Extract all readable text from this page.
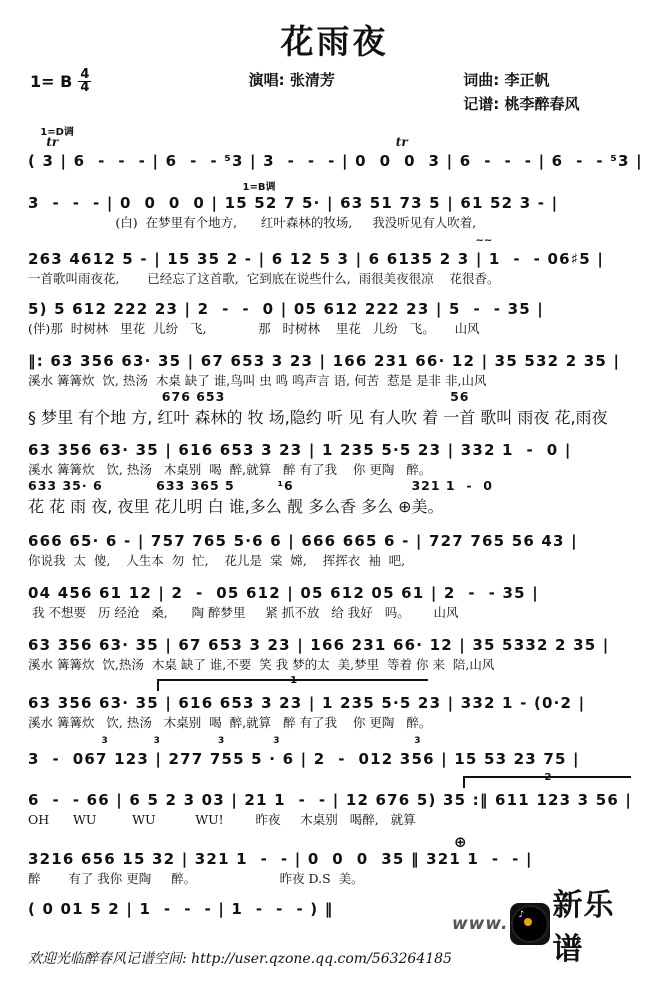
花雨夜
1= B $\frac{4}{4}$	演唱: 张清芳	词曲: 李正帆
记谱: 桃李醉春风
1=D调
tr	tr
( 3 | 6  -  -  - | 6  -  - ⁵3 | 3  -  -  - | 0  0  0  3 | 6  -  -  - | 6  -  - ⁵3 |
1=B调
3  -  -  - | 0  0  0  0 | 15 52 7 5· | 63 51 73 5 | 61 52 3 - |
(白)  在梦里有个地方,      红叶森林的牧场,     我没听见有人吹着,
~~
263 4612 5 - | 15 35 2 - | 6 12 5 3 | 6 6135 2 3 | 1  -  - 06♯5 |
一首歌叫雨夜花,       已经忘了这首歌,  它到底在说些什么,  雨很美夜很凉    花很香。
5) 5 612 222 23 | 2  -  -  0 | 05 612 222 23 | 5  -  - 35 |
(伴)那  时树林   里花  儿纷   飞,             那   时树林    里花   儿纷   飞。     山风
‖: 63 356 63· 35 | 67 653 3 23 | 166 231 66· 12 | 35 532 2 35 |
溪水 篝篝炊  饮, 热汤  木桌 缺了 谁,鸟叫 虫 鸣 鸣声言 语, 何苦  惹是 是非 非,山风
676 653                                          56
§ 梦里 有个地 方, 红叶 森林的 牧 场,隐约 听 见 有人吹 着 一首 歌叫 雨夜 花,雨夜
63 356 63· 35 | 616 653 3 23 | 1 235 5·5 23 | 332 1  -  0 |
溪水 篝篝炊   饮, 热汤   木桌别  喝  醉,就算   醉 有了我    你 更陶   醉。
633 35· 6          633 365 5        ¹6                      321 1  -  0
花 花 雨 夜, 夜里 花儿明 白 谁,多么 靓 多么香 多么 ⊕美。
666 65· 6 - | 757 765 5·6 6 | 666 665 6 - | 727 765 56 43 |
你说我  太  傻,    人生本  勿  忙,    花儿是  棠  嫦,    挥挥衣  袖  吧,
04 456 61 12 | 2  -  05 612 | 05 612 05 61 | 2  -  - 35 |
我 不想要   历 经沧   桑,      陶 醉梦里     紧 抓不放   给 我好   吗。      山风
63 356 63· 35 | 67 653 3 23 | 166 231 66· 12 | 35 5332 2 35 |
溪水 篝篝炊  饮,热汤  木桌 缺了 谁,不要  笑 我 梦的太  美,梦里  等着 你 来  陪,山风
1
63 356 63· 35 | 616 653 3 23 | 1 235 5·5 23 | 332 1 - (0·2 |
溪水 篝篝炊   饮, 热汤   木桌别  喝  醉,就算   醉 有了我    你 更陶   醉。
3	3	3	3	3
3  -  067 123 | 277 755 5 · 6 | 2  -  012 356 | 15 53 23 75 |
2
6  -  - 66 | 6 5 2 3 03 | 21 1  -  - | 12 676 5) 35 :‖ 611 123 3 56 |
OH      WU         WU          WU!        昨夜     木桌别   喝醉,   就算
⊕
3216 656 15 32 | 321 1  -  - | 0  0  0  35 ‖ 321 1  -  - |
醉       有了 我你 更陶     醉。                     昨夜 D.S  美。
( 0 01 5 2 | 1  -  -  - | 1  -  -  - ) ‖
欢迎光临醉春风记谱空间: http://user.qzone.qq.com/563264185
www. ♪ 新乐谱
